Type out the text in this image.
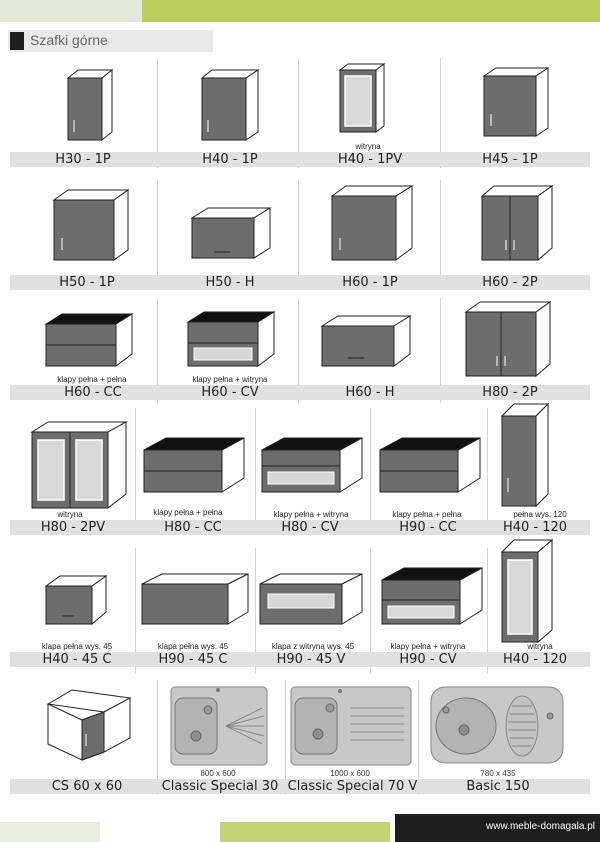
Szafki górne
H30 - 1P	H40 - 1P
witryna
H40 - 1PV	H45 - 1P
H50 - 1P	H50 - H	H60 - 1P	H60 - 2P
klapy pełna + pełna
H60 - CC
klapy pełna + witryna
H60 - CV	H60 - H	H80 - 2P
witryna
H80 - 2PV
klapy pełna + pełna
H80 - CC
klapy pełna + witryna
H80 - CV
klapy pełna + pełna
H90 - CC
pełna wys. 120
H40 - 120
klapa pełna wys. 45
H40 - 45 C
klapa pełna wys. 45
H90 - 45 C
klapa z witryną wys. 45
H90 - 45 V
klapy pełna + witryna
H90 - CV
witryna
H40 - 120
CS 60 x 60
800 x 600
Classic Special 30
1000 x 600
Classic Special 70 V
780 x 435
Basic 150
www.meble-domagala.pl
